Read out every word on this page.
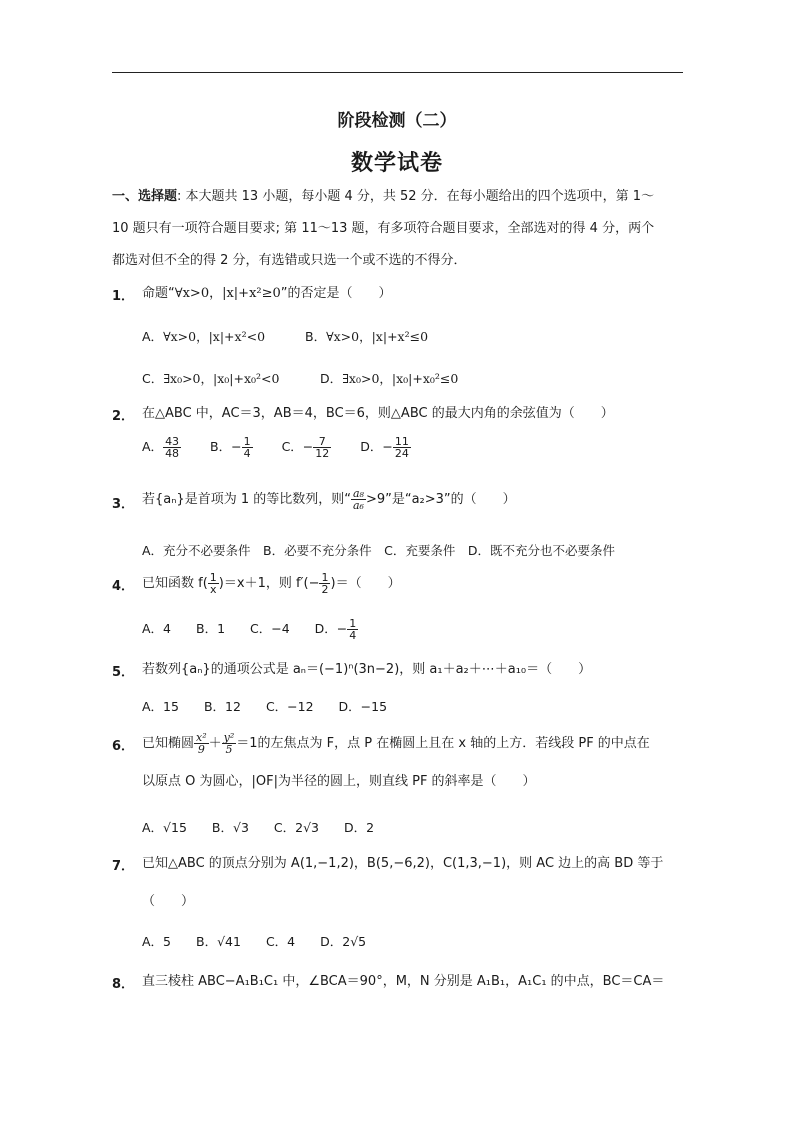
阶段检测（二）
数学试卷
一、选择题: 本大题共 13 小题，每小题 4 分，共 52 分．在每小题给出的四个选项中，第 1～
10 题只有一项符合题目要求; 第 11～13 题，有多项符合题目要求，全部选对的得 4 分，两个
都选对但不全的得 2 分，有选错或只选一个或不选的不得分．
1． 命题“∀x>0，|x|+x²≥0”的否定是（　　）
A．∀x>0，|x|+x²<0	B．∀x>0，|x|+x²≤0
C．∃x₀>0，|x₀|+x₀²<0	D．∃x₀>0，|x₀|+x₀²≤0
2． 在△ABC 中，AC＝3，AB＝4，BC＝6，则△ABC 的最大内角的余弦值为（　　）
A． $\frac{43}{48}$ 　　B．− $\frac{1}{4}$ 　　C．− $\frac{7}{12}$ 　　D．− $\frac{11}{24}$
3． 若{aₙ}是首项为 1 的等比数列，则“ $\frac{\text{a₈}}{\text{a₆}} >9$”是“a₂>3”的（　　）
A．充分不必要条件　B．必要不充分条件　C．充要条件　D．既不充分也不必要条件
4． 已知函数 $f( \frac{1}{x} )=x+1$，则 $f'(- \frac{1}{2}$ )＝（　　）
A．4　　B．1　　C．−4　　D．− $\frac{1}{4}$
5． 若数列{aₙ}的通项公式是 aₙ＝(−1)ⁿ(3n−2)，则 a₁＋a₂＋⋯＋a₁₀＝（　　）
A．15　　B．12　　C．−12　　D．−15
6． 已知椭圆 $\frac{\text{x²}}{9} + \frac{\text{y²}}{5} =1$的左焦点为 F，点 P 在椭圆上且在 x 轴的上方．若线段 PF 的中点在
以原点 O 为圆心，|OF|为半径的圆上，则直线 PF 的斜率是（　　）
A．√15　　B．√3　　C．2√3　　D．2
7． 已知△ABC 的顶点分别为 A(1,−1,2)，B(5,−6,2)，C(1,3,−1)，则 AC 边上的高 BD 等于
（　　）
A．5　　B．√41　　C．4　　D．2√5
8． 直三棱柱 ABC−A₁B₁C₁ 中，∠BCA＝90°，M，N 分别是 A₁B₁，A₁C₁ 的中点，BC＝CA＝
